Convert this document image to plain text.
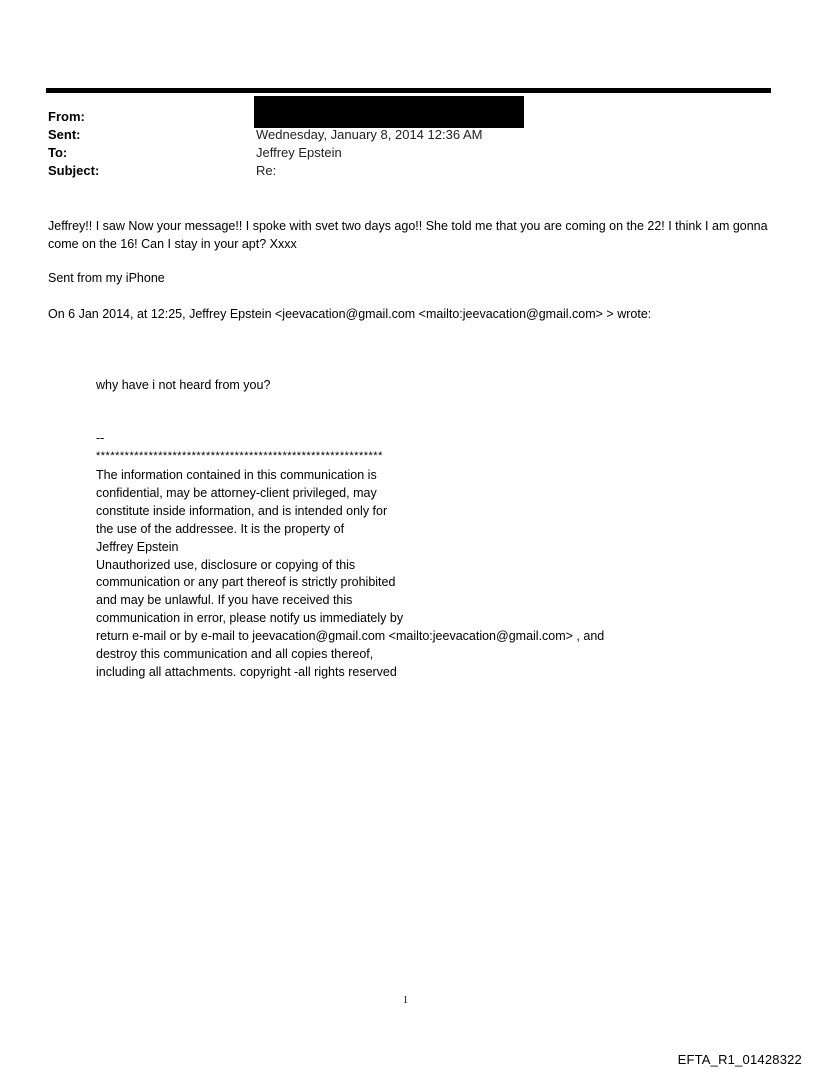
From:
Sent:	Wednesday, January 8, 2014 12:36 AM
To:	Jeffrey Epstein
Subject:	Re:
Jeffrey!! I saw Now your message!! I spoke with svet two days ago!! She told me that you are coming on the 22! I think I am gonna come on the 16! Can I stay in your apt? Xxxx
Sent from my iPhone
On 6 Jan 2014, at 12:25, Jeffrey Epstein <jeevacation@gmail.com <mailto:jeevacation@gmail.com> > wrote:
why have i not heard from you?
--
************************************************************
The information contained in this communication is
confidential, may be attorney-client privileged, may
constitute inside information, and is intended only for
the use of the addressee. It is the property of
Jeffrey Epstein
Unauthorized use, disclosure or copying of this
communication or any part thereof is strictly prohibited
and may be unlawful. If you have received this
communication in error, please notify us immediately by
return e-mail or by e-mail to jeevacation@gmail.com <mailto:jeevacation@gmail.com> , and
destroy this communication and all copies thereof,
including all attachments. copyright -all rights reserved
1
EFTA_R1_01428322
